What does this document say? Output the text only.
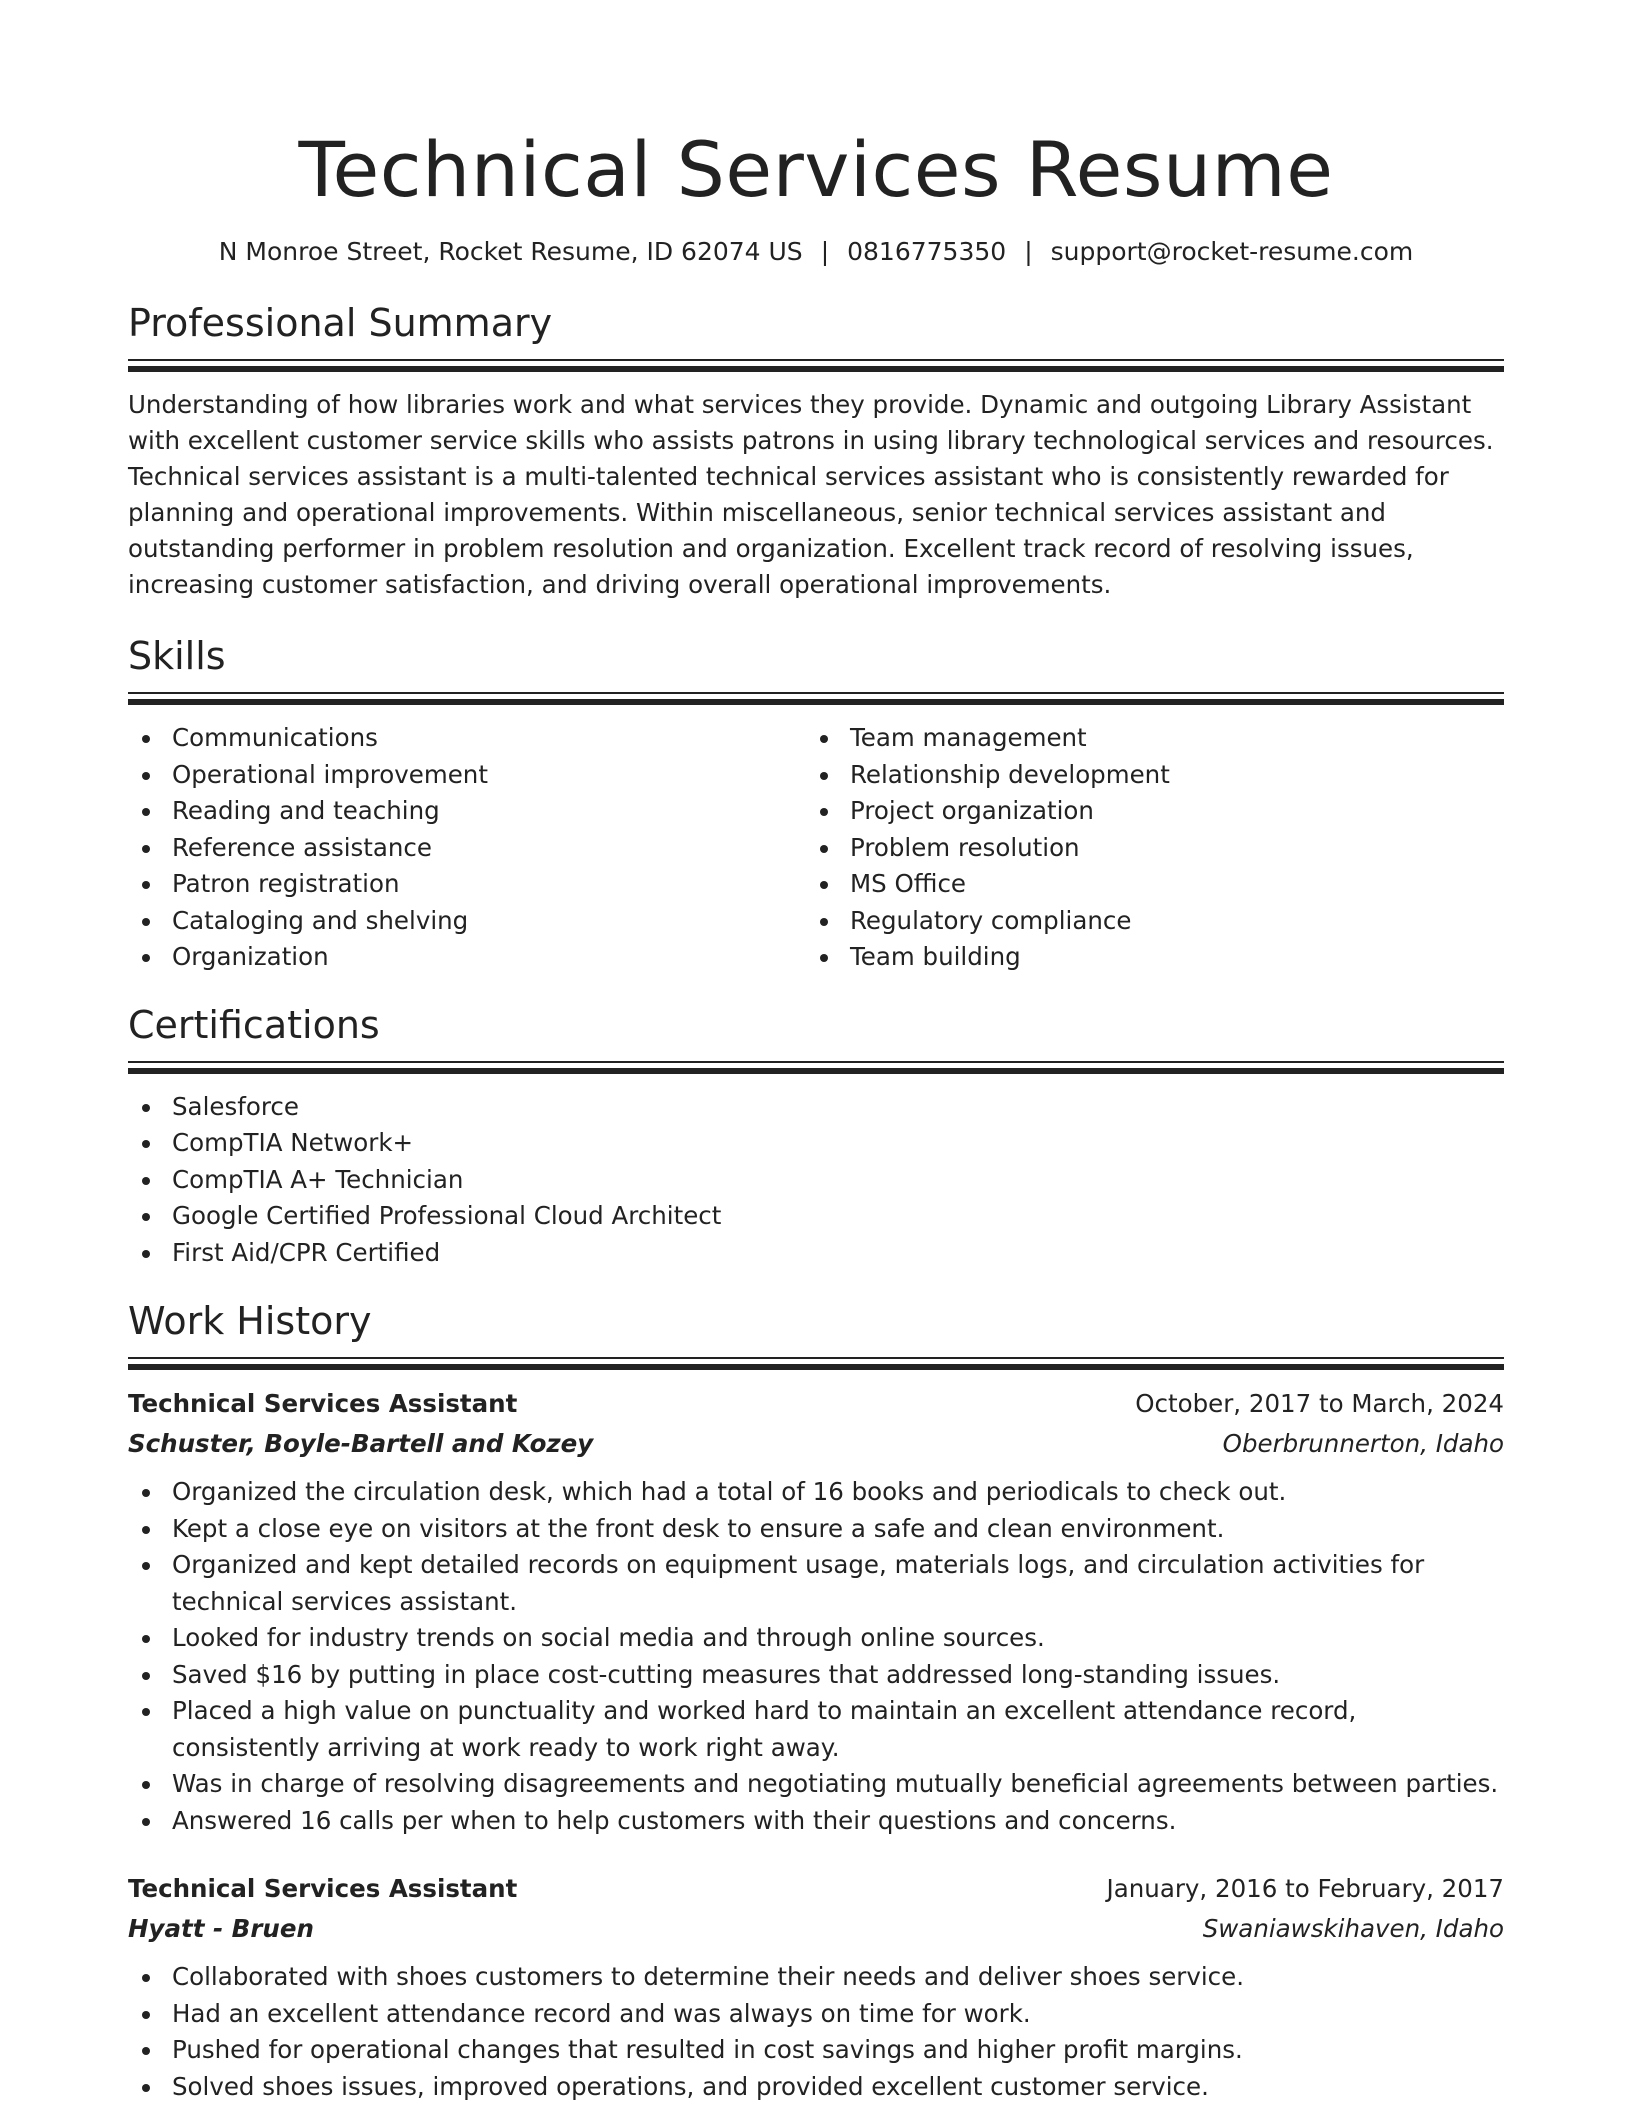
Technical Services Resume
N Monroe Street, Rocket Resume, ID 62074 US | 0816775350 | support@rocket-resume.com
Professional Summary

Understanding of how libraries work and what services they provide. Dynamic and outgoing Library Assistant with excellent customer service skills who assists patrons in using library technological services and resources. Technical services assistant is a multi-talented technical services assistant who is consistently rewarded for planning and operational improvements. Within miscellaneous, senior technical services assistant and outstanding performer in problem resolution and organization. Excellent track record of resolving issues, increasing customer satisfaction, and driving overall operational improvements.

Skills
Communications
Operational improvement
Reading and teaching
Reference assistance
Patron registration
Cataloging and shelving
Organization
Team management
Relationship development
Project organization
Problem resolution
MS Office
Regulatory compliance
Team building
Certifications
Salesforce
CompTIA Network+
CompTIA A+ Technician
Google Certified Professional Cloud Architect
First Aid/CPR Certified
Work History
Technical Services Assistant	October, 2017 to March, 2024
Schuster, Boyle-Bartell and Kozey	Oberbrunnerton, Idaho
Organized the circulation desk, which had a total of 16 books and periodicals to check out.
Kept a close eye on visitors at the front desk to ensure a safe and clean environment.
Organized and kept detailed records on equipment usage, materials logs, and circulation activities for technical services assistant.
Looked for industry trends on social media and through online sources.
Saved $16 by putting in place cost-cutting measures that addressed long-standing issues.
Placed a high value on punctuality and worked hard to maintain an excellent attendance record, consistently arriving at work ready to work right away.
Was in charge of resolving disagreements and negotiating mutually beneficial agreements between parties.
Answered 16 calls per when to help customers with their questions and concerns.
Technical Services Assistant	January, 2016 to February, 2017
Hyatt - Bruen	Swaniawskihaven, Idaho
Collaborated with shoes customers to determine their needs and deliver shoes service.
Had an excellent attendance record and was always on time for work.
Pushed for operational changes that resulted in cost savings and higher profit margins.
Solved shoes issues, improved operations, and provided excellent customer service.
